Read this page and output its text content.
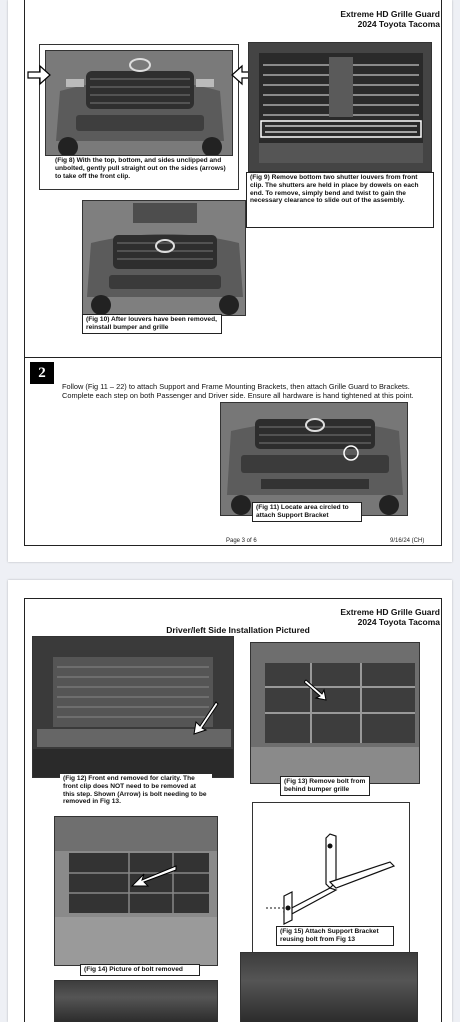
Extreme HD Grille Guard
2024 Toyota Tacoma
(Fig 8) With the top, bottom, and sides unclipped and unbolted, gently pull straight out on the sides (arrows) to take off the front clip.	(Fig 9) Remove bottom two shutter louvers from front clip. The shutters are held in place by dowels on each end. To remove, simply bend and twist to gain the necessary clearance to slide out of the assembly.
(Fig 10) After louvers have been removed, reinstall bumper and grille
2
Follow (Fig 11 – 22) to attach Support and Frame Mounting Brackets, then attach Grille Guard to Brackets. Complete each step on both Passenger and Driver side. Ensure all hardware is hand tightened at this point.
(Fig 11) Locate area circled to attach Support Bracket
Page 3 of 6	9/16/24 (CH)
Extreme HD Grille Guard
2024 Toyota Tacoma
Driver/left Side Installation Pictured
(Fig 12) Front end removed for clarity. The front clip does NOT need to be removed at this step. Shown (Arrow) is bolt needing to be removed in Fig 13.
(Fig 13) Remove bolt from behind bumper grille
(Fig 14) Picture of bolt removed
(Fig 15) Attach Support Bracket reusing bolt from Fig 13
